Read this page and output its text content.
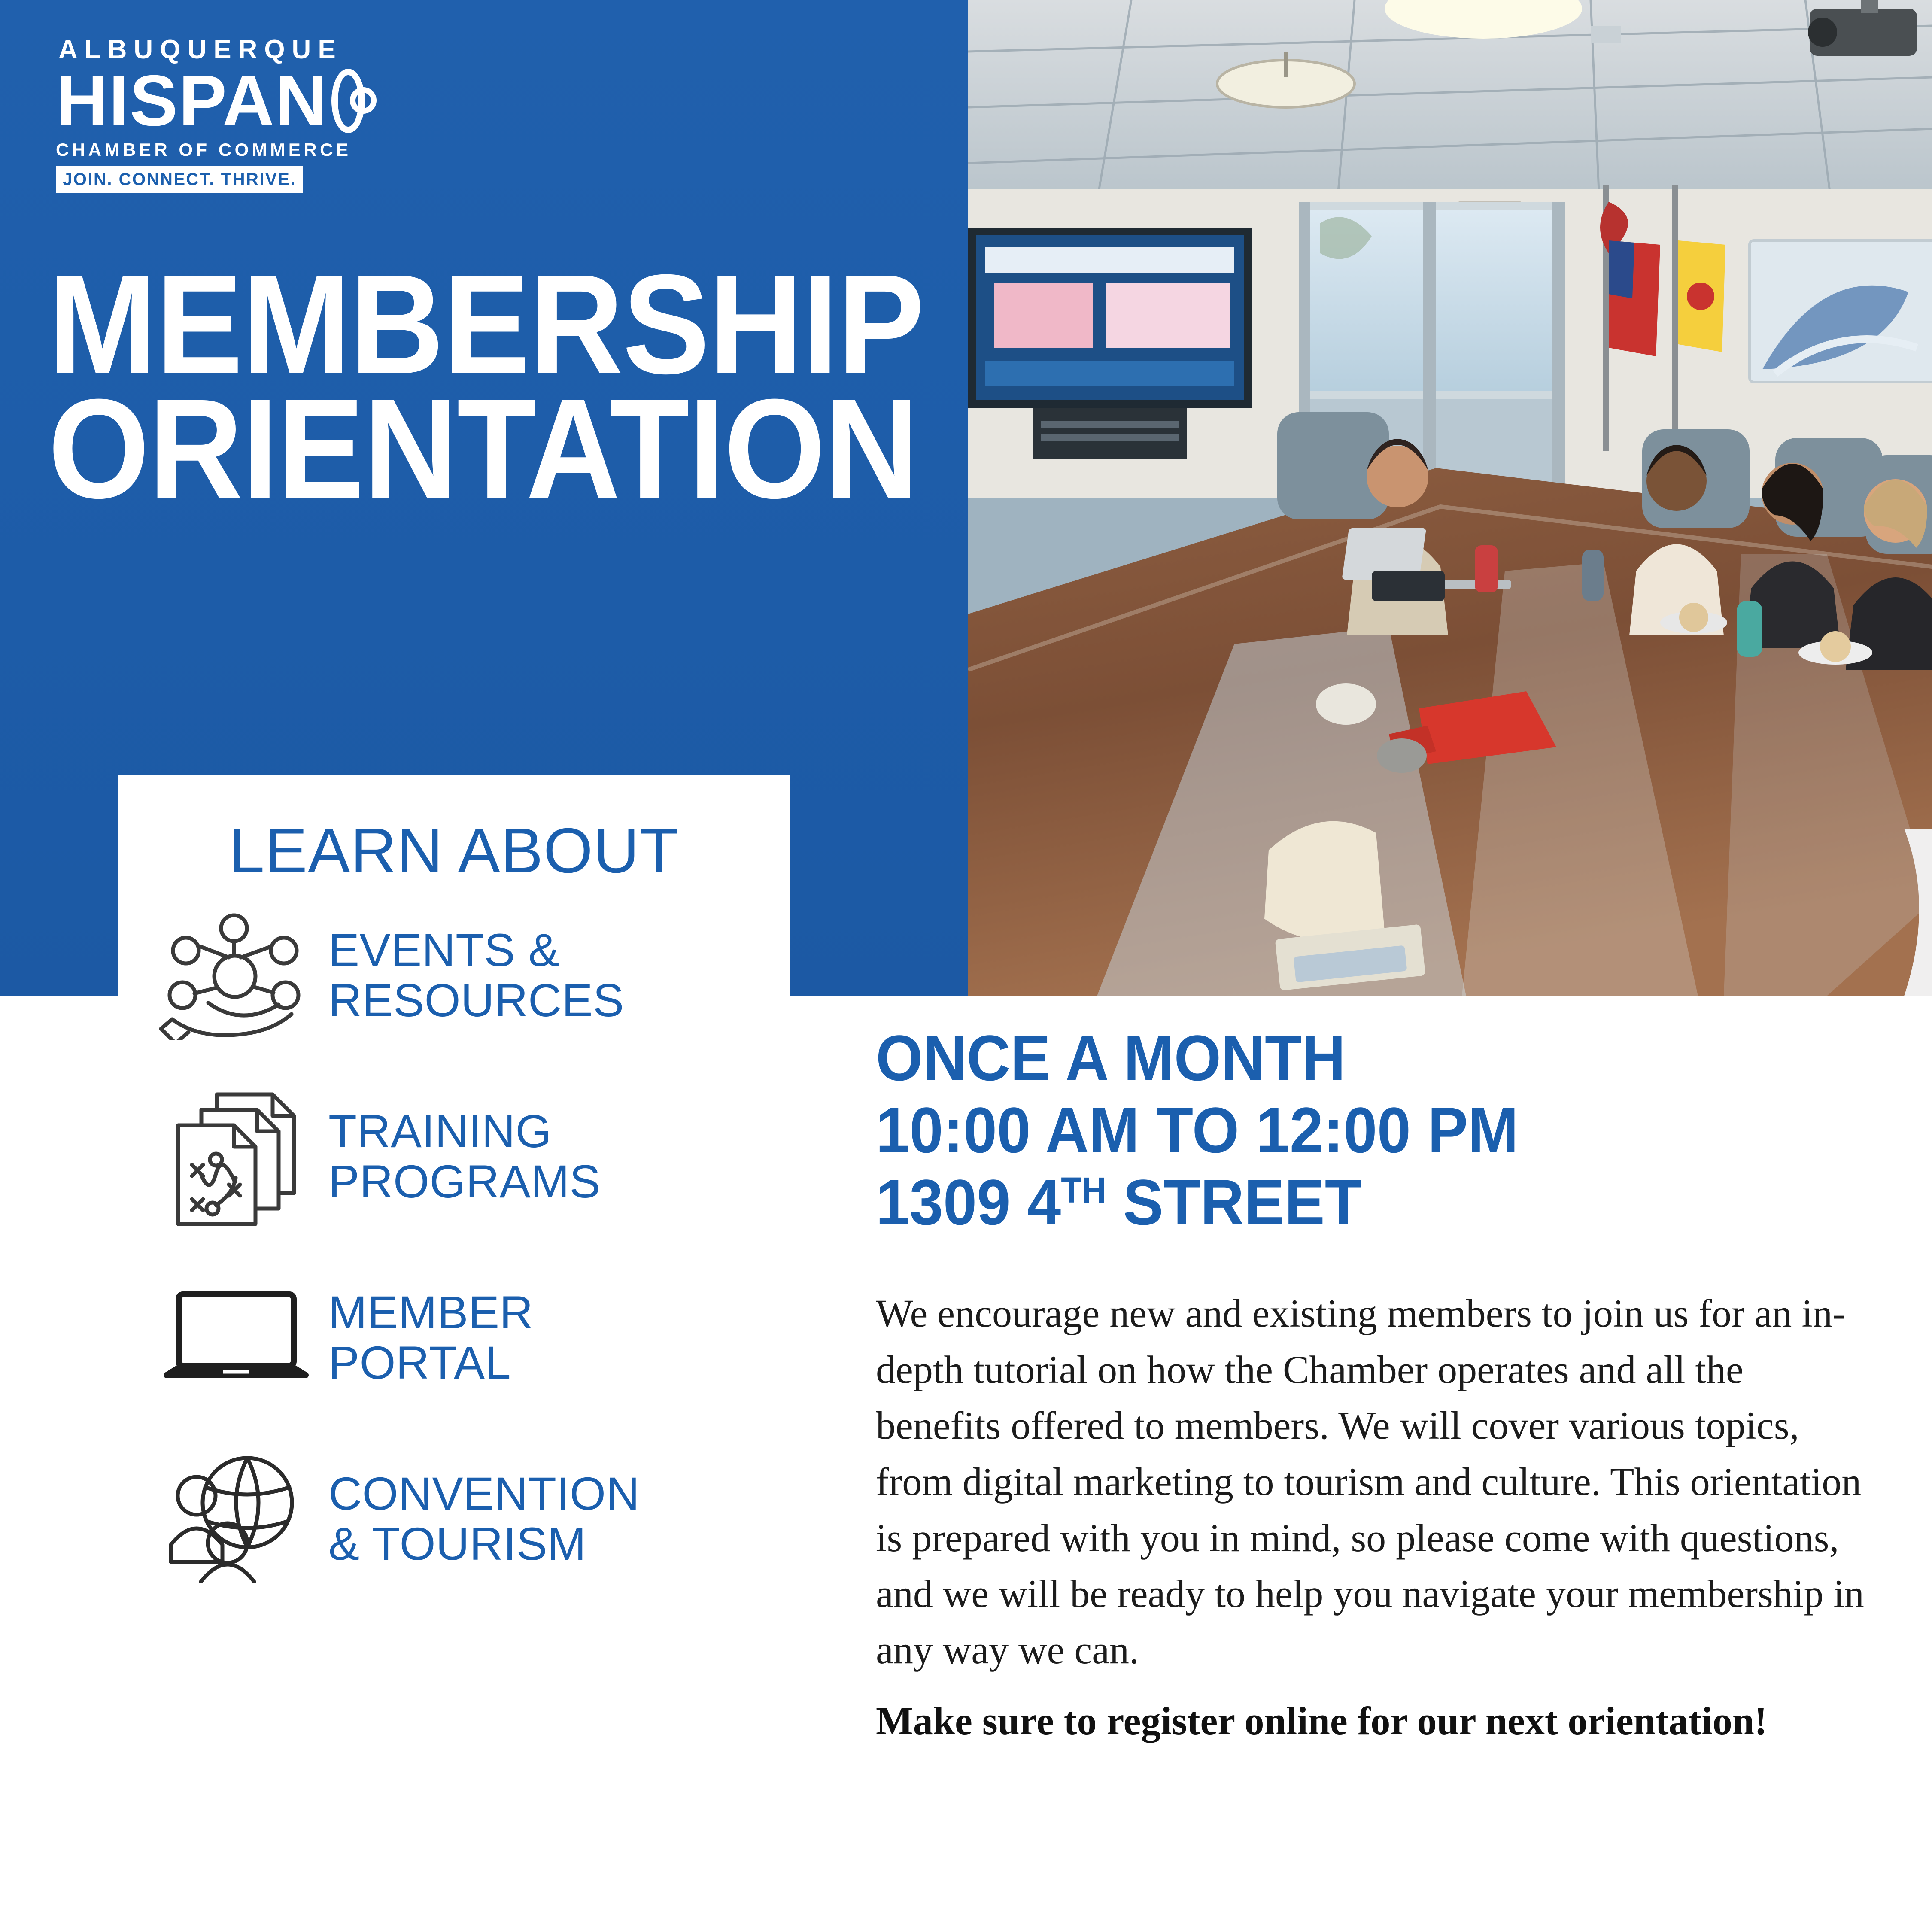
ALBUQUERQUE
HISPAN
CHAMBER OF COMMERCE
JOIN. CONNECT. THRIVE.
MEMBERSHIP
ORIENTATION
LEARN ABOUT
EVENTS &
RESOURCES
TRAINING
PROGRAMS
MEMBER
PORTAL
CONVENTION
& TOURISM
ONCE A MONTH
10:00 AM TO 12:00 PM
1309 4TH STREET

We encourage new and existing members to join us for an in-depth tutorial on how the Chamber operates and all the benefits offered to members. We will cover various topics, from digital marketing to tourism and culture. This orientation is prepared with you in mind, so please come with questions, and we will be ready to help you navigate your membership in any way we can.

Make sure to register online for our next orientation!
